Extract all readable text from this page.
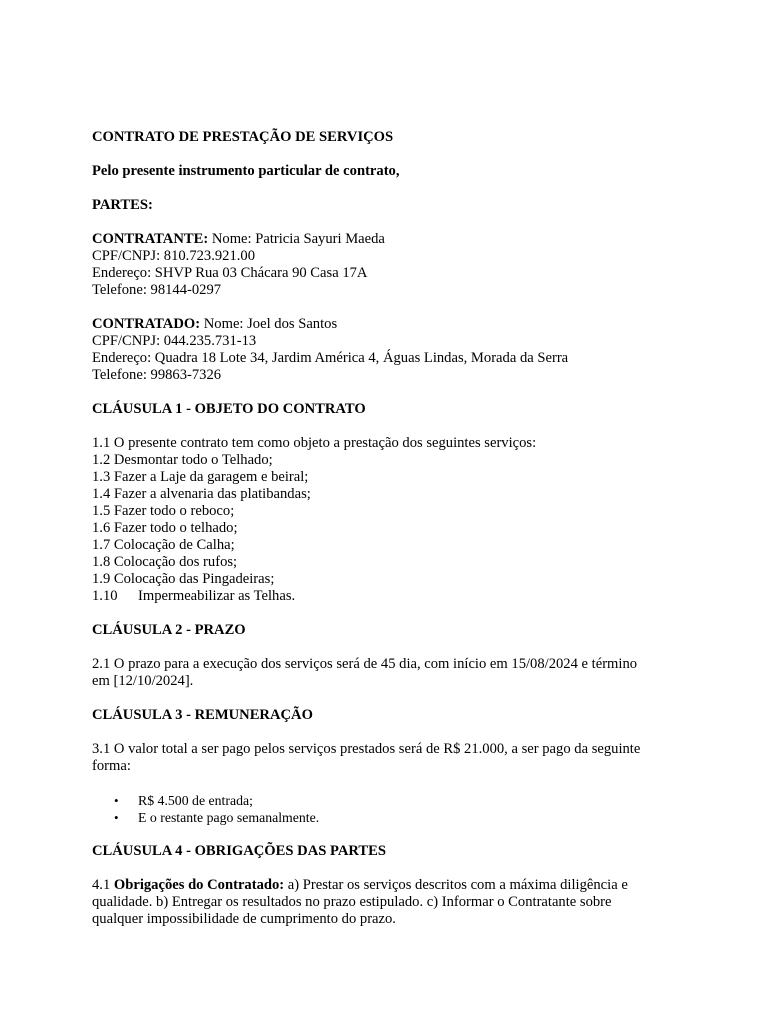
CONTRATO DE PRESTAÇÃO DE SERVIÇOS

Pelo presente instrumento particular de contrato,

PARTES:

CONTRATANTE: Nome: Patricia Sayuri Maeda
CPF/CNPJ: 810.723.921.00
Endereço: SHVP Rua 03 Chácara 90 Casa 17A
Telefone: 98144-0297
CONTRATADO: Nome: Joel dos Santos
CPF/CNPJ: 044.235.731-13
Endereço: Quadra 18 Lote 34, Jardim América 4, Águas Lindas, Morada da Serra
Telefone: 99863-7326

CLÁUSULA 1 - OBJETO DO CONTRATO

1.1 O presente contrato tem como objeto a prestação dos seguintes serviços:
1.2 Desmontar todo o Telhado;
1.3 Fazer a Laje da garagem e beiral;
1.4 Fazer a alvenaria das platibandas;
1.5 Fazer todo o reboco;
1.6 Fazer todo o telhado;
1.7 Colocação de Calha;
1.8 Colocação dos rufos;
1.9 Colocação das Pingadeiras;
1.10 Impermeabilizar as Telhas.

CLÁUSULA 2 - PRAZO

2.1 O prazo para a execução dos serviços será de 45 dia, com início em 15/08/2024 e término
em [12/10/2024].

CLÁUSULA 3 - REMUNERAÇÃO

3.1 O valor total a ser pago pelos serviços prestados será de R$ 21.000, a ser pago da seguinte
forma:
• R$ 4.500 de entrada;
• E o restante pago semanalmente.

CLÁUSULA 4 - OBRIGAÇÕES DAS PARTES

4.1 Obrigações do Contratado: a) Prestar os serviços descritos com a máxima diligência e
qualidade. b) Entregar os resultados no prazo estipulado. c) Informar o Contratante sobre
qualquer impossibilidade de cumprimento do prazo.
